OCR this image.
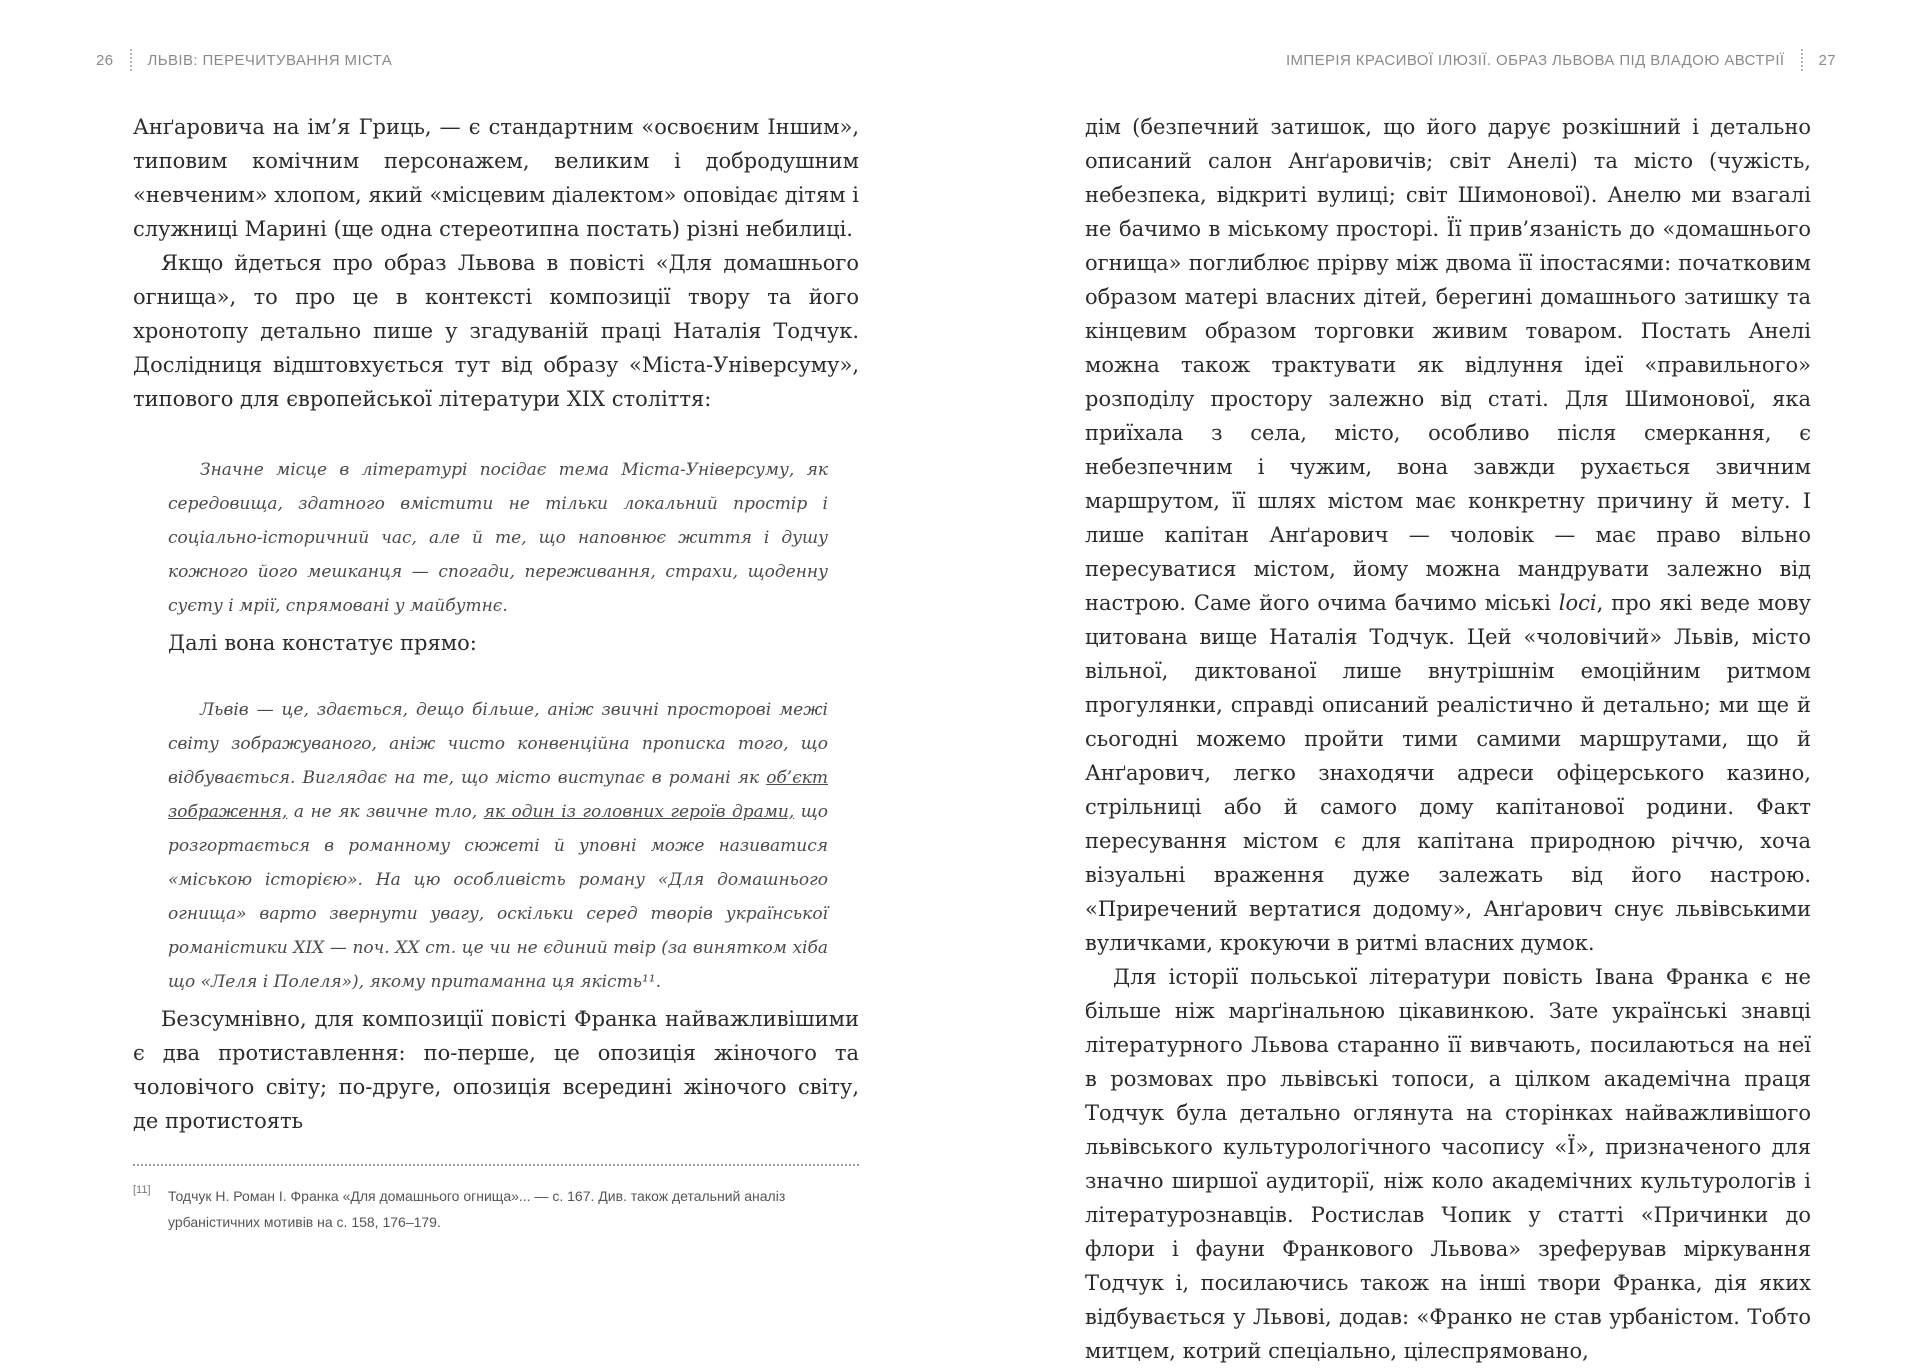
26 ЛЬВІВ: ПЕРЕЧИТУВАННЯ МІСТА

Анґаровича на ім’я Гриць, — є стандартним «освоєним Іншим», типовим комічним персонажем, великим і добродушним «невченим» хлопом, який «місцевим діалектом» оповідає дітям і служниці Марині (ще одна стереотипна постать) різні небилиці.

Якщо йдеться про образ Львова в повісті «Для домашнього огнища», то про це в контексті композиції твору та його хронотопу детально пише у згадуваній праці Наталія Тодчук. Дослідниця відштовхується тут від образу «Міста-Універсуму», типового для європейської літератури XIX століття:

Значне місце в літературі посідає тема Міста-Універсуму, як середовища, здатного вмістити не тільки локальний простір і соціально-історичний час, але й те, що наповнює життя і душу кожного його мешканця — спогади, переживання, страхи, щоденну суєту і мрії, спрямовані у майбутнє.

Далі вона констатує прямо:

Львів — це, здається, дещо більше, аніж звичні просторові межі світу зображуваного, аніж чисто конвенційна прописка того, що відбувається. Виглядає на те, що місто виступає в романі як об’єкт зображення, а не як звичне тло, як один із головних героїв драми, що розгортається в романному сюжеті й уповні може називатися «міською історією». На цю особливість роману «Для домашнього огнища» варто звернути увагу, оскільки серед творів української романістики XIX — поч. XX ст. це чи не єдиний твір (за винятком хіба що «Леля і Полеля»), якому притаманна ця якість¹¹.

Безсумнівно, для композиції повісті Франка найважливішими є два протиставлення: по-перше, це опозиція жіночого та чоловічого світу; по-друге, опозиція всередині жіночого світу, де протистоять

[11]	Тодчук Н. Роман І. Франка «Для домашнього огнища»... — с. 167. Див. також детальний аналіз урбаністичних мотивів на с. 158, 176–179.
ІМПЕРІЯ КРАСИВОЇ ІЛЮЗІЇ. ОБРАЗ ЛЬВОВА ПІД ВЛАДОЮ АВСТРІЇ 27

дім (безпечний затишок, що його дарує розкішний і детально описаний салон Анґаровичів; світ Анелі) та місто (чужість, небезпека, відкриті вулиці; світ Шимонової). Анелю ми взагалі не бачимо в міському просторі. Її прив’язаність до «домашнього огнища» поглиблює прірву між двома її іпостасями: початковим образом матері власних дітей, берегині домашнього затишку та кінцевим образом торговки живим товаром. Постать Анелі можна також трактувати як відлуння ідеї «правильного» розподілу простору залежно від статі. Для Шимонової, яка приїхала з села, місто, особливо після смеркання, є небезпечним і чужим, вона завжди рухається звичним маршрутом, її шлях містом має конкретну причину й мету. І лише капітан Анґарович — чоловік — має право вільно пересуватися містом, йому можна мандрувати залежно від настрою. Саме його очима бачимо міські loci, про які веде мову цитована вище Наталія Тодчук. Цей «чоловічий» Львів, місто вільної, диктованої лише внутрішнім емоційним ритмом прогулянки, справді описаний реалістично й детально; ми ще й сьогодні можемо пройти тими самими маршрутами, що й Анґарович, легко знаходячи адреси офіцерського казино, стрільниці або й самого дому капітанової родини. Факт пересування містом є для капітана природною річчю, хоча візуальні враження дуже залежать від його настрою. «Приречений вертатися додому», Анґарович снує львівськими вуличками, крокуючи в ритмі власних думок.

Для історії польської літератури повість Івана Франка є не більше ніж марґінальною цікавинкою. Зате українські знавці літературного Львова старанно її вивчають, посилаються на неї в розмовах про львівські топоси, а цілком академічна праця Тодчук була детально оглянута на сторінках найважливішого львівського культурологічного часопису «Ї», призначеного для значно ширшої аудиторії, ніж коло академічних культурологів і літературознавців. Ростислав Чопик у статті «Причинки до флори і фауни Франкового Львова» зреферував міркування Тодчук і, посилаючись також на інші твори Франка, дія яких відбувається у Львові, додав: «Франко не став урбаністом. Тобто митцем, котрий спеціально, цілеспрямовано,
